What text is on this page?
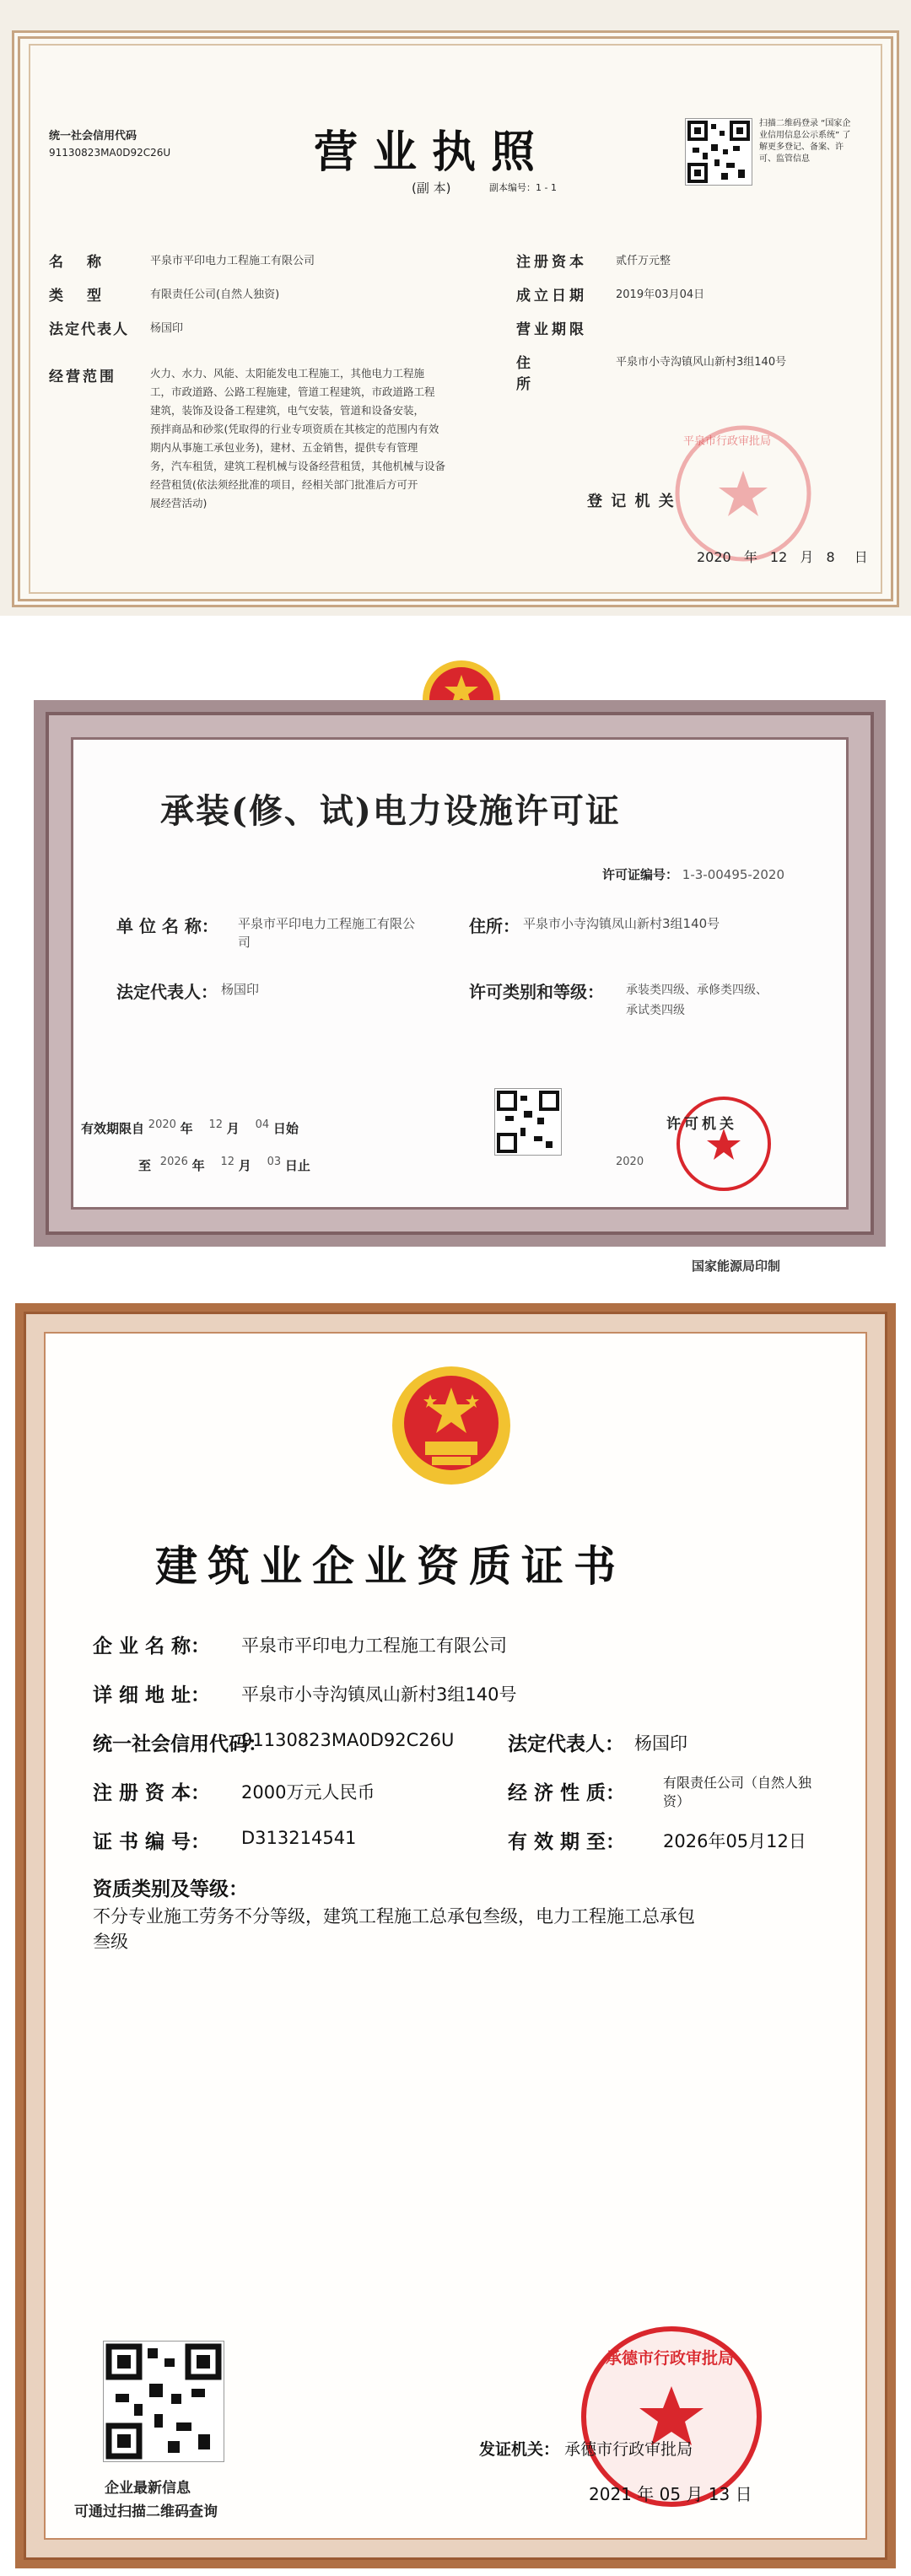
统一社会信用代码
91130823MA0D92C26U	营业执照
(副 本)	副本编号：1 - 1
扫描二维码登录 “国家企业信用信息公示系统” 了解更多登记、备案、许可、监管信息
名称	平泉市平印电力工程施工有限公司
类型	有限责任公司(自然人独资)
法定代表人	杨国印
经营范围	火力、水力、风能、太阳能发电工程施工，其他电力工程施
工，市政道路、公路工程施建，管道工程建筑，市政道路工程
建筑，装饰及设备工程建筑，电气安装，管道和设备安装，
预拌商品和砂浆(凭取得的行业专项资质在其核定的范围内有效
期内从事施工承包业务)，建材、五金销售，提供专有管理
务，汽车租赁，建筑工程机械与设备经营租赁，其他机械与设备
经营租赁(依法须经批准的项目，经相关部门批准后方可开
展经营活动)
注册资本	贰仟万元整
成立日期	2019年03月04日
营业期限
住所
平泉市小寺沟镇风山新村3组140号
平泉市行政审批局
登 记 机 关
2020 年 12 月 8 日
承装(修、试)电力设施许可证
许可证编号： 1-3-00495-2020
单 位 名 称： 平泉市平印电力工程施工有限公
司
住所： 平泉市小寺沟镇凤山新村3组140号
法定代表人： 杨国印	许可类别和等级： 承装类四级、承修类四级、
承试类四级
有效期限自 2020 年 12 月 04 日始
至 2026 年 12 月 03 日止
许可机关
2020
国家能源局印制
建筑业企业资质证书
企 业 名 称： 平泉市平印电力工程施工有限公司
详 细 地 址： 平泉市小寺沟镇凤山新村3组140号
统一社会信用代码：
91130823MA0D92C26U	法定代表人： 杨国印
注 册 资 本： 2000万元人民币	经 济 性 质：	有限责任公司（自然人独
资）
证 书 编 号： D313214541	有 效 期 至： 2026年05月12日
资质类别及等级：
不分专业施工劳务不分等级，建筑工程施工总承包叁级，电力工程施工总承包
叁级
企业最新信息
可通过扫描二维码查询
承德市行政审批局
发证机关： 承德市行政审批局
2021 年 05 月 13 日
